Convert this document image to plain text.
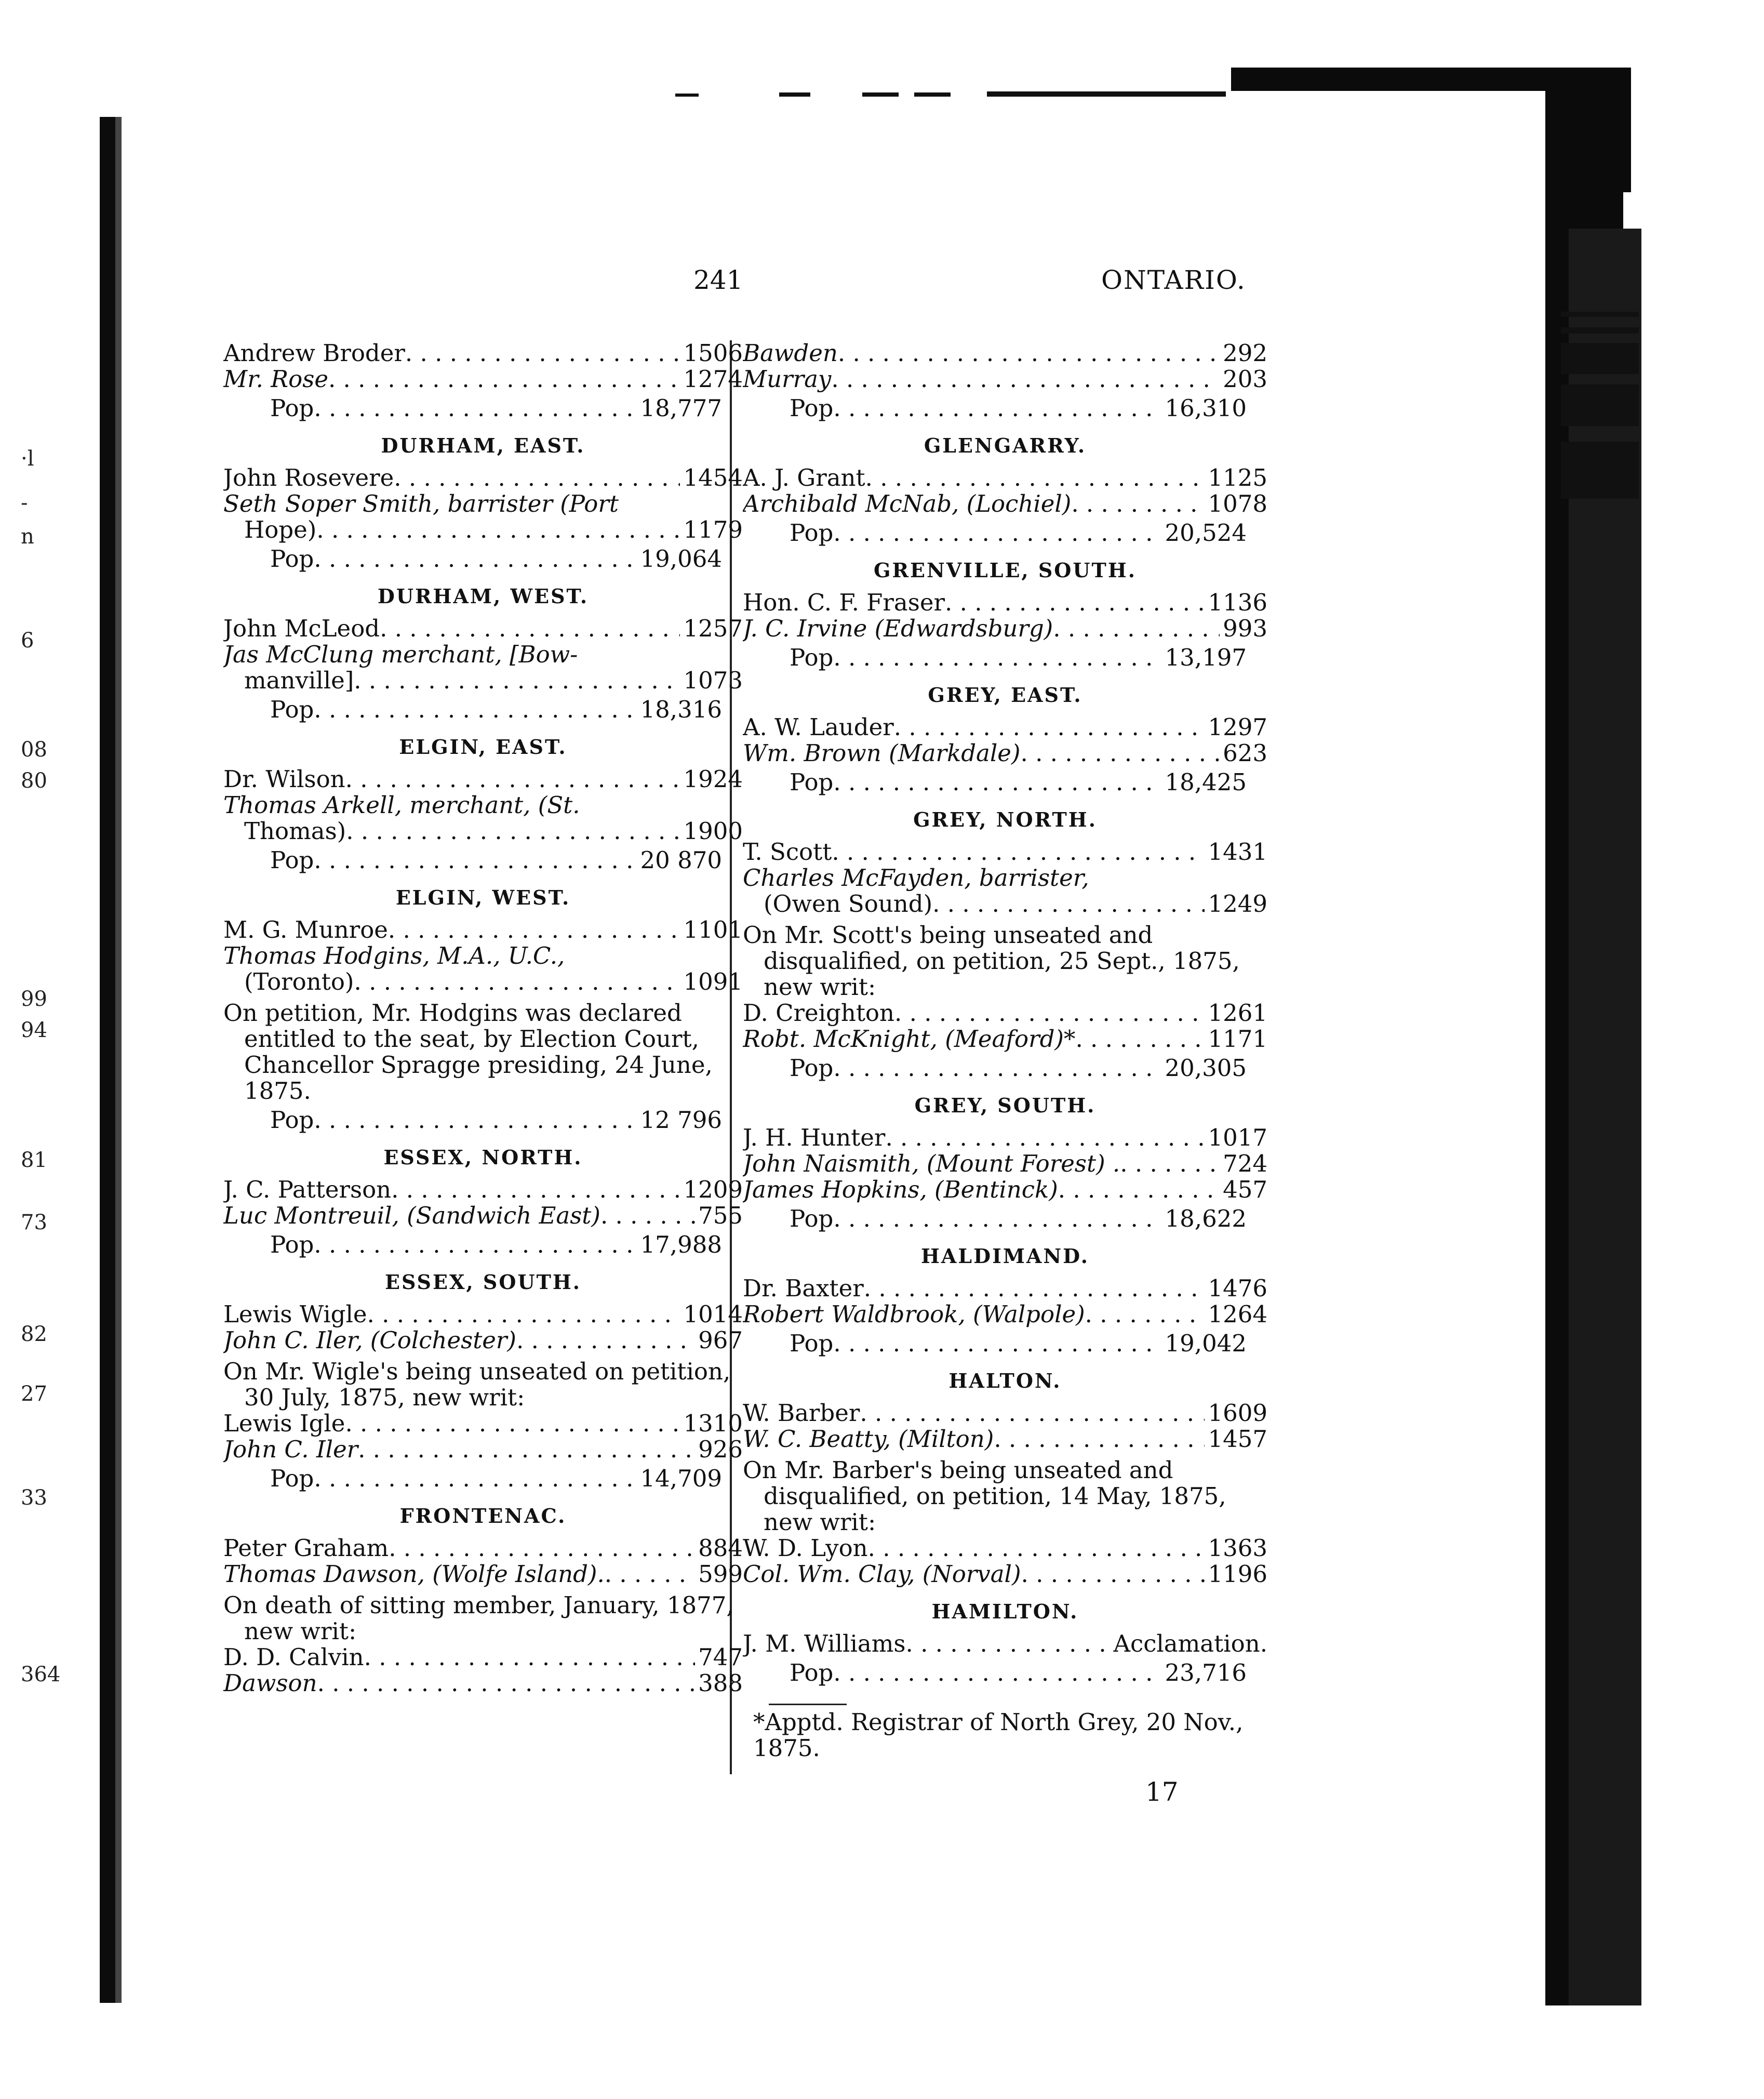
·l
-
n
6
08
80
99
94
81
73
82
27
33
364
241	ONTARIO.
Andrew Broder . . .	1506
Mr. Rose . . .	1274
Pop . . .	18,777
DURHAM, EAST.
John Rosevere . . .	1454
Seth Soper Smith, barrister (Port
Hope) . . .	1179
Pop . . .	19,064
DURHAM, WEST.
John McLeod . . .	1257
Jas McClung merchant, [Bow-
manville] . . .	1073
Pop . . .	18,316
ELGIN, EAST.
Dr. Wilson . . .	1924
Thomas Arkell, merchant, (St.
Thomas) . . .	1900
Pop . . .	20 870
ELGIN, WEST.
M. G. Munroe . . .	1101
Thomas Hodgins, M.A., U.C.,
(Toronto) . . .	1091
On petition, Mr. Hodgins was declared entitled to the seat, by Election Court, Chancellor Spragge presiding, 24 June, 1875.
Pop . . .	12 796
ESSEX, NORTH.
J. C. Patterson . . .	1209
Luc Montreuil, (Sandwich East) . . .	755
Pop . . .	17,988
ESSEX, SOUTH.
Lewis Wigle . . .	1014
John C. Iler, (Colchester) . . .	967
On Mr. Wigle's being unseated on petition, 30 July, 1875, new writ:
Lewis Igle . . .	1310
John C. Iler . . .	926
Pop . . .	14,709
FRONTENAC.
Peter Graham . . .	884
Thomas Dawson, (Wolfe Island). . . .	599
On death of sitting member, January, 1877, new writ:
D. D. Calvin . . .	747
Dawson . . .	388
Bawden . . .	292
Murray . . .	203
Pop . . .	16,310
GLENGARRY.
A. J. Grant . . .	1125
Archibald McNab, (Lochiel) . . .	1078
Pop . . .	20,524
GRENVILLE, SOUTH.
Hon. C. F. Fraser . . .	1136
J. C. Irvine (Edwardsburg) . . .	993
Pop . . .	13,197
GREY, EAST.
A. W. Lauder . . .	1297
Wm. Brown (Markdale) . . .	623
Pop . . .	18,425
GREY, NORTH.
T. Scott . . .	1431
Charles McFayden, barrister,
(Owen Sound) . . .	1249
On Mr. Scott's being unseated and disqualified, on petition, 25 Sept., 1875, new writ:
D. Creighton . . .	1261
Robt. McKnight, (Meaford)* . . .	1171
Pop . . .	20,305
GREY, SOUTH.
J. H. Hunter . . .	1017
John Naismith, (Mount Forest) . . . .	724
James Hopkins, (Bentinck) . . .	457
Pop . . .	18,622
HALDIMAND.
Dr. Baxter . . .	1476
Robert Waldbrook, (Walpole) . . .	1264
Pop . . .	19,042
HALTON.
W. Barber . . .	1609
W. C. Beatty, (Milton) . . .	1457
On Mr. Barber's being unseated and disqualified, on petition, 14 May, 1875, new writ:
W. D. Lyon . . .	1363
Col. Wm. Clay, (Norval) . . .	1196
HAMILTON.
J. M. Williams . . .	Acclamation.
Pop . . .	23,716
*Apptd. Registrar of North Grey, 20 Nov., 1875.
17
